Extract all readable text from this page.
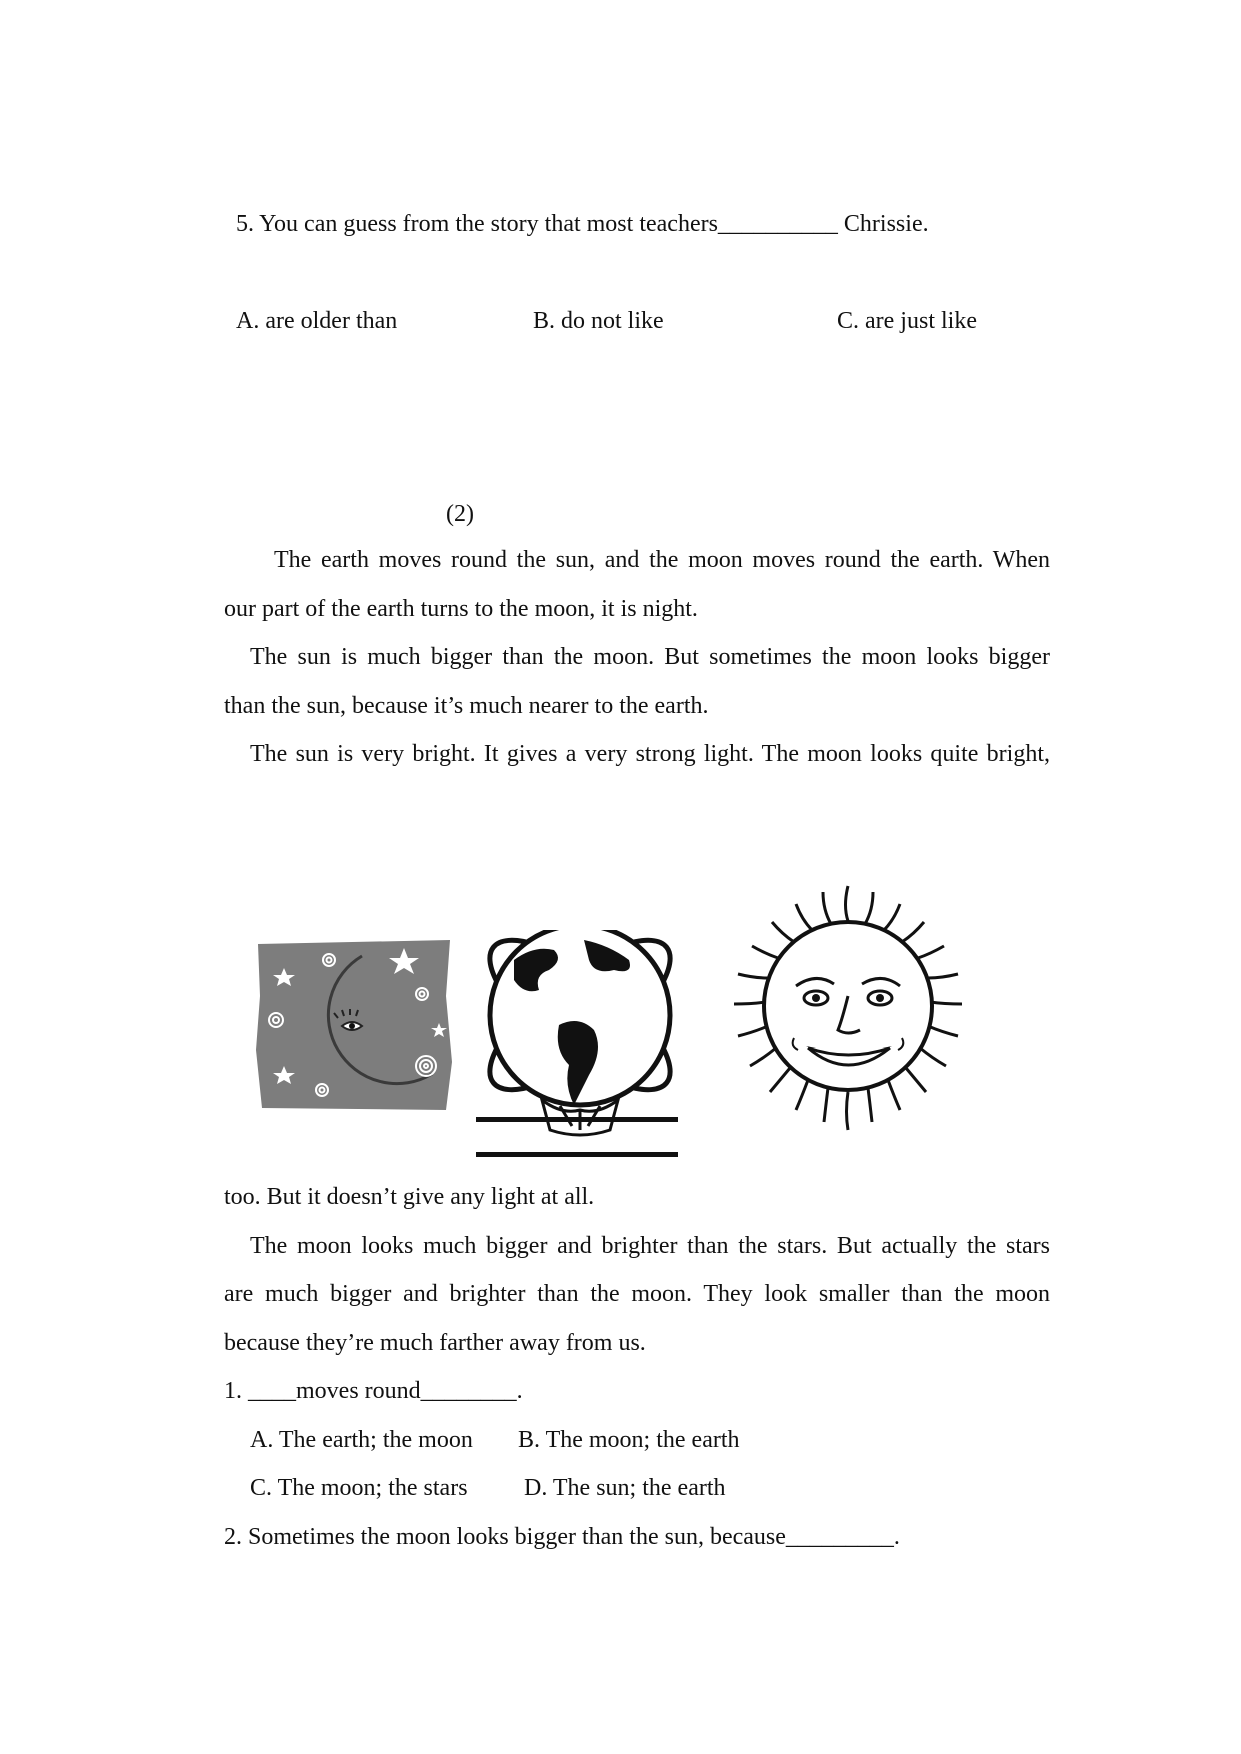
5. You can guess from the story that most teachers__________ Chrissie.
A. are older than	B. do not like	C. are just like
(2)
The earth moves round the sun, and the moon moves round the earth. When
our part of the earth turns to the moon, it is night.
The sun is much bigger than the moon. But sometimes the moon looks bigger
than the sun, because it’s much nearer to the earth.
The sun is very bright. It gives a very strong light. The moon looks quite bright,
too. But it doesn’t give any light at all.
The moon looks much bigger and brighter than the stars. But actually the stars
are much bigger and brighter than the moon. They look smaller than the moon
because they’re much farther away from us.
1. ____moves round________.
A. The earth; the moon B. The moon; the earth
C. The moon; the stars D. The sun; the earth
2. Sometimes the moon looks bigger than the sun, because_________.
